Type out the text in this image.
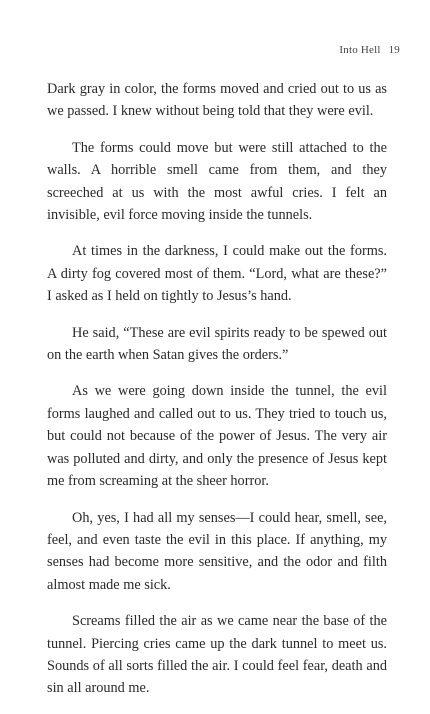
Into Hell 19

Dark gray in color, the forms moved and cried out to us as we passed. I knew without being told that they were evil.

The forms could move but were still attached to the walls. A horrible smell came from them, and they screeched at us with the most awful cries. I felt an invisible, evil force moving inside the tunnels.

At times in the darkness, I could make out the forms. A dirty fog covered most of them. “Lord, what are these?” I asked as I held on tightly to Jesus’s hand.

He said, “These are evil spirits ready to be spewed out on the earth when Satan gives the orders.”

As we were going down inside the tunnel, the evil forms laughed and called out to us. They tried to touch us, but could not because of the power of Jesus. The very air was polluted and dirty, and only the presence of Jesus kept me from screaming at the sheer horror.

Oh, yes, I had all my senses—I could hear, smell, see, feel, and even taste the evil in this place. If anything, my senses had become more sensitive, and the odor and filth almost made me sick.

Screams filled the air as we came near the base of the tunnel. Piercing cries came up the dark tunnel to meet us. Sounds of all sorts filled the air. I could feel fear, death and sin all around me.
